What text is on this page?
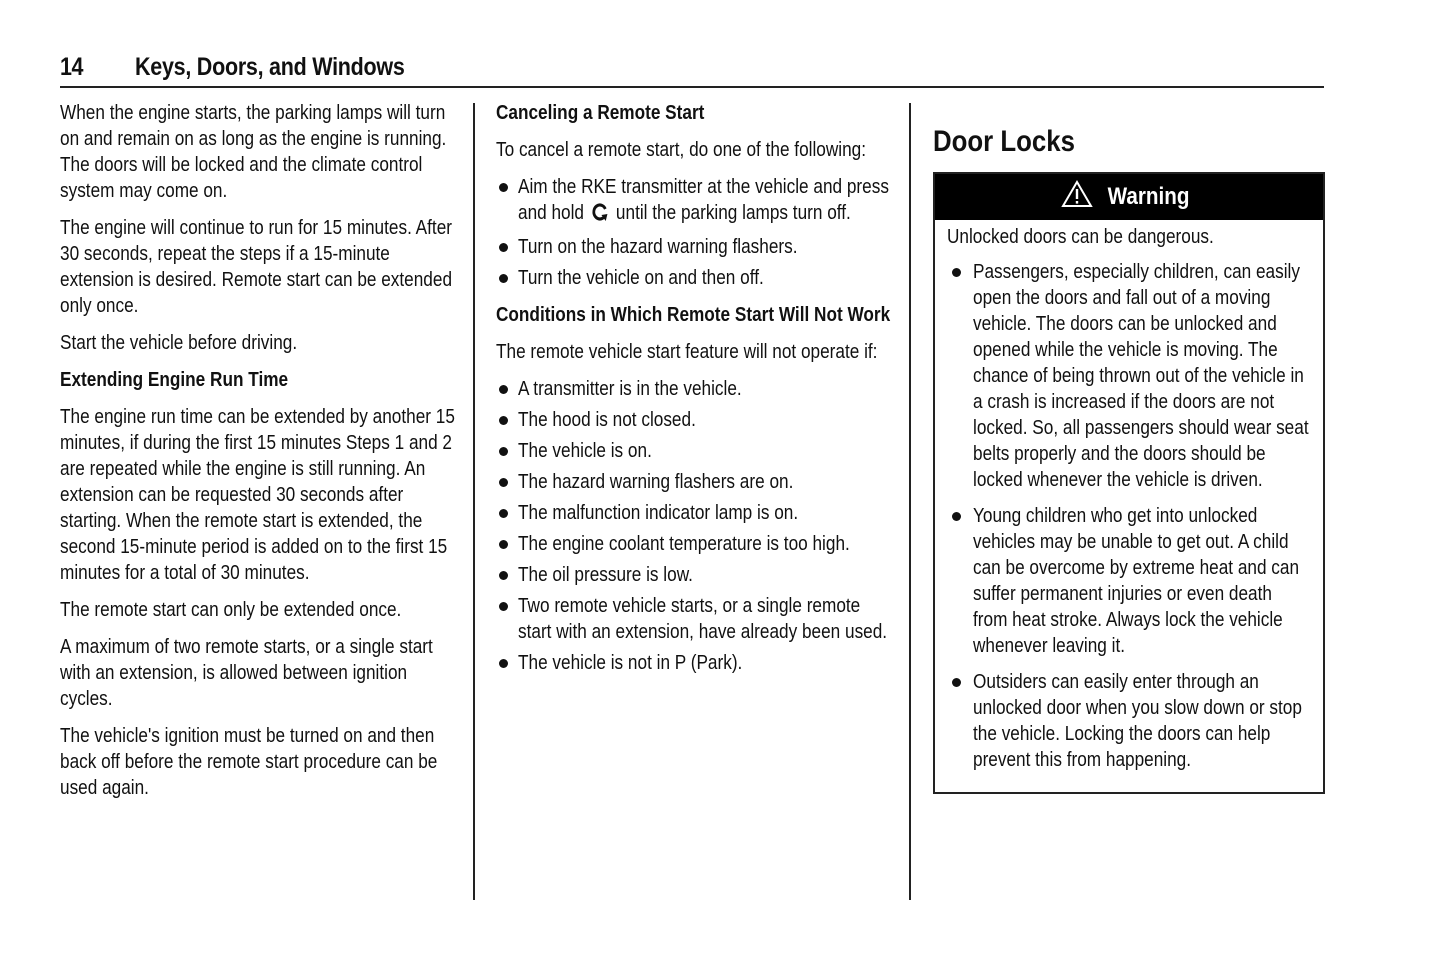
14 Keys, Doors, and Windows

When the engine starts, the parking lamps will turn on and remain on as long as the engine is running. The doors will be locked and the climate control system may come on.

The engine will continue to run for 15 minutes. After 30 seconds, repeat the steps if a 15-minute extension is desired. Remote start can be extended only once.

Start the vehicle before driving.

Extending Engine Run Time

The engine run time can be extended by another 15 minutes, if during the first 15 minutes Steps 1 and 2 are repeated while the engine is still running. An extension can be requested 30 seconds after starting. When the remote start is extended, the second 15-minute period is added on to the first 15 minutes for a total of 30 minutes.

The remote start can only be extended once.

A maximum of two remote starts, or a single start with an extension, is allowed between ignition cycles.

The vehicle's ignition must be turned on and then back off before the remote start procedure can be used again.

Canceling a Remote Start

To cancel a remote start, do one of the following:

Aim the RKE transmitter at the vehicle and press and hold until the parking lamps turn off.
Turn on the hazard warning flashers.
Turn the vehicle on and then off.
Conditions in Which Remote Start Will Not Work

The remote vehicle start feature will not operate if:

A transmitter is in the vehicle.
The hood is not closed.
The vehicle is on.
The hazard warning flashers are on.
The malfunction indicator lamp is on.
The engine coolant temperature is too high.
The oil pressure is low.
Two remote vehicle starts, or a single remote start with an extension, have already been used.
The vehicle is not in P (Park).
Door Locks
Warning

Unlocked doors can be dangerous.

Passengers, especially children, can easily open the doors and fall out of a moving vehicle. The doors can be unlocked and opened while the vehicle is moving. The chance of being thrown out of the vehicle in a crash is increased if the doors are not locked. So, all passengers should wear seat belts properly and the doors should be locked whenever the vehicle is driven.
Young children who get into unlocked vehicles may be unable to get out. A child can be overcome by extreme heat and can suffer permanent injuries or even death from heat stroke. Always lock the vehicle whenever leaving it.
Outsiders can easily enter through an unlocked door when you slow down or stop the vehicle. Locking the doors can help prevent this from happening.
